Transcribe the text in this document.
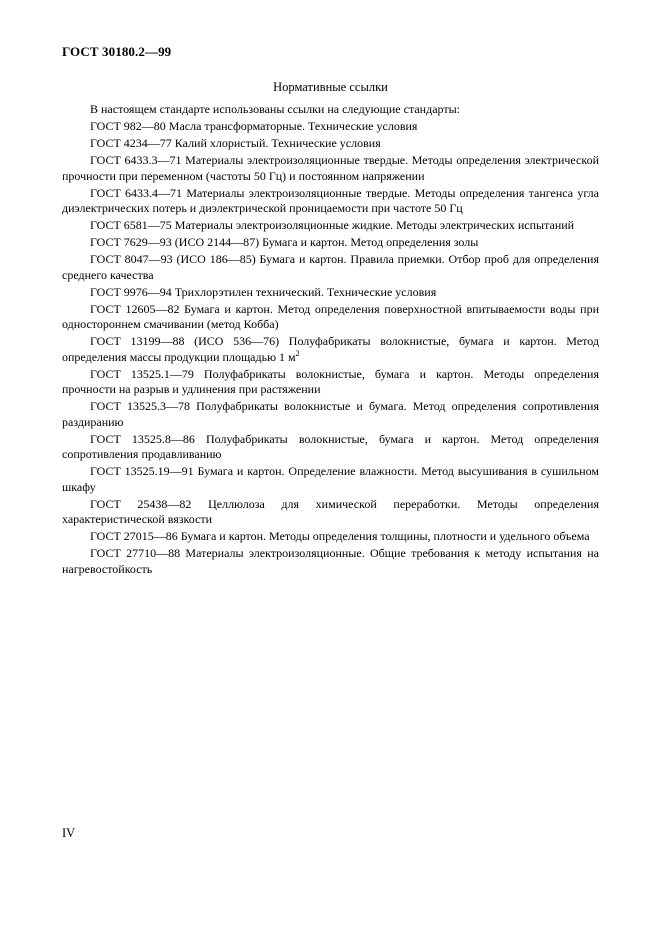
ГОСТ 30180.2—99
Нормативные ссылки

В настоящем стандарте использованы ссылки на следующие стандарты:

ГОСТ 982—80 Масла трансформаторные. Технические условия

ГОСТ 4234—77 Калий хлористый. Технические условия

ГОСТ 6433.3—71 Материалы электроизоляционные твердые. Методы определения электрической прочности при переменном (частоты 50 Гц) и постоянном напряжении

ГОСТ 6433.4—71 Материалы электроизоляционные твердые. Методы определения тангенса угла диэлектрических потерь и диэлектрической проницаемости при частоте 50 Гц

ГОСТ 6581—75 Материалы электроизоляционные жидкие. Методы электрических испытаний

ГОСТ 7629—93 (ИСО 2144—87) Бумага и картон. Метод определения золы

ГОСТ 8047—93 (ИСО 186—85) Бумага и картон. Правила приемки. Отбор проб для определения среднего качества

ГОСТ 9976—94 Трихлорэтилен технический. Технические условия

ГОСТ 12605—82 Бумага и картон. Метод определения поверхностной впитываемости воды при одностороннем смачивании (метод Кобба)

ГОСТ 13199—88 (ИСО 536—76) Полуфабрикаты волокнистые, бумага и картон. Метод определения массы продукции площадью 1 $м^2$

ГОСТ 13525.1—79 Полуфабрикаты волокнистые, бумага и картон. Методы определения прочности на разрыв и удлинения при растяжении

ГОСТ 13525.3—78 Полуфабрикаты волокнистые и бумага. Метод определения сопротивления раздиранию

ГОСТ 13525.8—86 Полуфабрикаты волокнистые, бумага и картон. Метод определения сопротивления продавливанию

ГОСТ 13525.19—91 Бумага и картон. Определение влажности. Метод высушивания в сушильном шкафу

ГОСТ 25438—82 Целлюлоза для химической переработки. Методы определения характеристической вязкости

ГОСТ 27015—86 Бумага и картон. Методы определения толщины, плотности и удельного объема

ГОСТ 27710—88 Материалы электроизоляционные. Общие требования к методу испытания на нагревостойкость

IV
